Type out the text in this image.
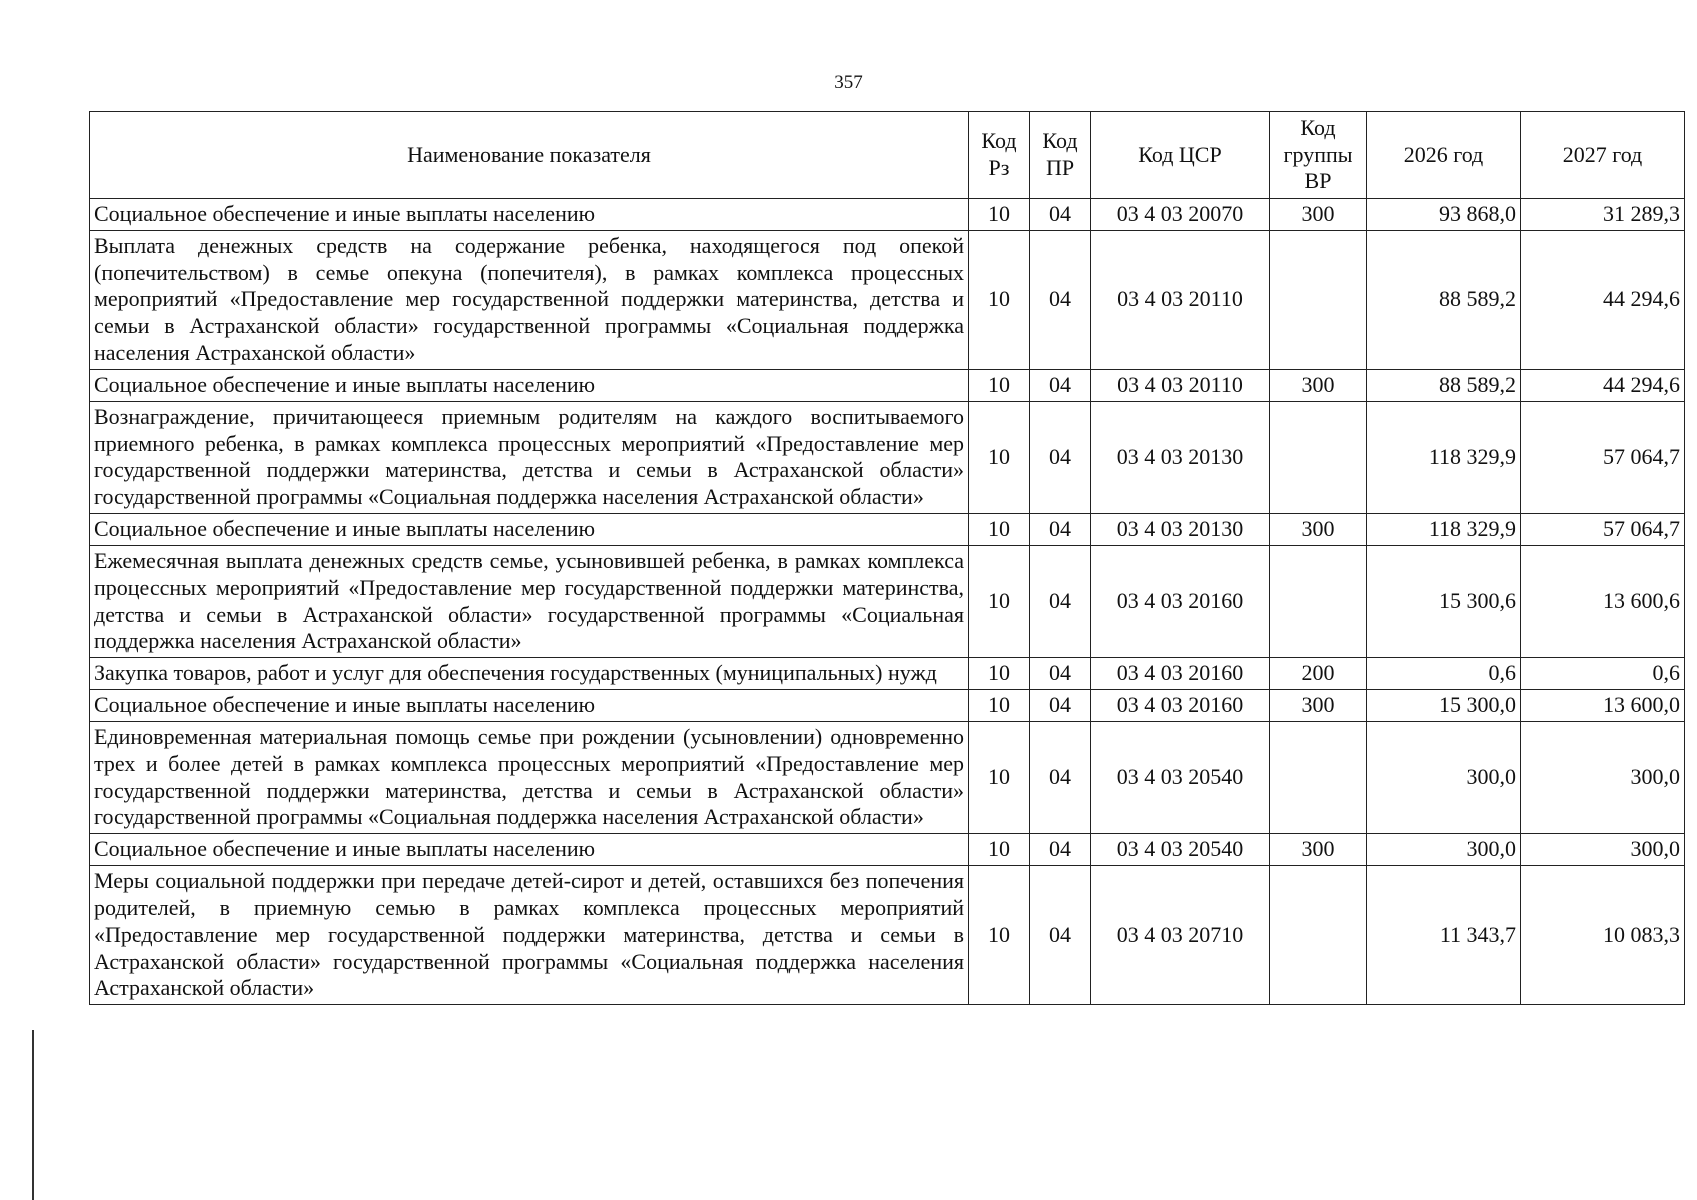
357
Наименование показателя	Код Рз	Код ПР	Код ЦСР	Код группы ВР	2026 год	2027 год
Социальное обеспечение и иные выплаты населению	10	04	03 4 03 20070	300	93 868,0	31 289,3
Выплата денежных средств на содержание ребенка, находящегося под опекой (попечительством) в семье опекуна (попечителя), в рамках комплекса процессных мероприятий «Предоставление мер государственной поддержки материнства, детства и семьи в Астраханской области» государственной программы «Социальная поддержка населения Астраханской области»	10	04	03 4 03 20110		88 589,2	44 294,6
Социальное обеспечение и иные выплаты населению	10	04	03 4 03 20110	300	88 589,2	44 294,6
Вознаграждение, причитающееся приемным родителям на каждого воспитываемого приемного ребенка, в рамках комплекса процессных мероприятий «Предоставление мер государственной поддержки материнства, детства и семьи в Астраханской области» государственной программы «Социальная поддержка населения Астраханской области»	10	04	03 4 03 20130		118 329,9	57 064,7
Социальное обеспечение и иные выплаты населению	10	04	03 4 03 20130	300	118 329,9	57 064,7
Ежемесячная выплата денежных средств семье, усыновившей ребенка, в рамках комплекса процессных мероприятий «Предоставление мер государственной поддержки материнства, детства и семьи в Астраханской области» государственной программы «Социальная поддержка населения Астраханской области»	10	04	03 4 03 20160		15 300,6	13 600,6
Закупка товаров, работ и услуг для обеспечения государственных (муниципальных) нужд	10	04	03 4 03 20160	200	0,6	0,6
Социальное обеспечение и иные выплаты населению	10	04	03 4 03 20160	300	15 300,0	13 600,0
Единовременная материальная помощь семье при рождении (усыновлении) одновременно трех и более детей в рамках комплекса процессных мероприятий «Предоставление мер государственной поддержки материнства, детства и семьи в Астраханской области» государственной программы «Социальная поддержка населения Астраханской области»	10	04	03 4 03 20540		300,0	300,0
Социальное обеспечение и иные выплаты населению	10	04	03 4 03 20540	300	300,0	300,0
Меры социальной поддержки при передаче детей-сирот и детей, оставшихся без попечения родителей, в приемную семью в рамках комплекса процессных мероприятий «Предоставление мер государственной поддержки материнства, детства и семьи в Астраханской области» государственной программы «Социальная поддержка населения Астраханской области»	10	04	03 4 03 20710		11 343,7	10 083,3
